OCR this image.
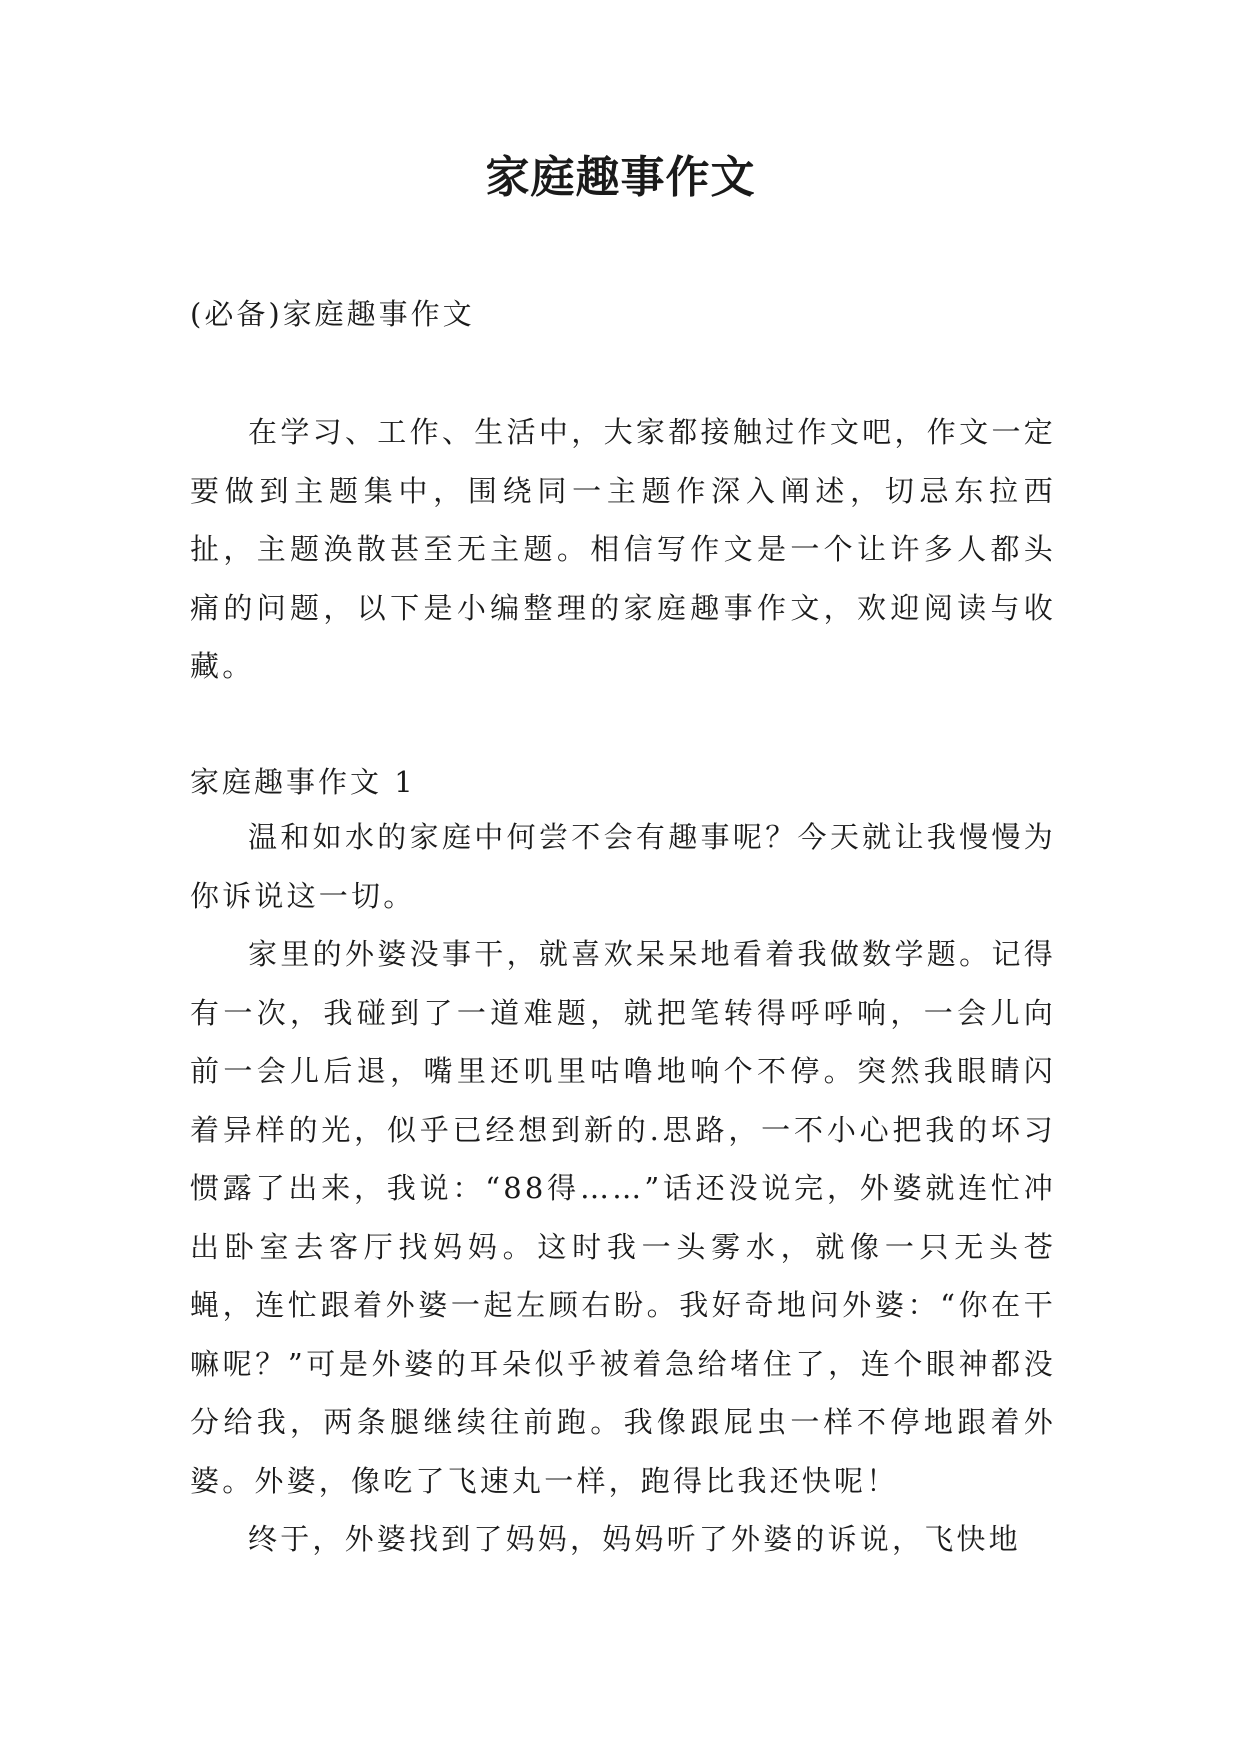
家庭趣事作文
(必备)家庭趣事作文

在学习、工作、生活中，大家都接触过作文吧，作文一定要做到主题集中，围绕同一主题作深入阐述，切忌东拉西扯，主题涣散甚至无主题。相信写作文是一个让许多人都头痛的问题，以下是小编整理的家庭趣事作文，欢迎阅读与收藏。

家庭趣事作文 1

温和如水的家庭中何尝不会有趣事呢？今天就让我慢慢为你诉说这一切。

家里的外婆没事干，就喜欢呆呆地看着我做数学题。记得有一次，我碰到了一道难题，就把笔转得呼呼响，一会儿向前一会儿后退，嘴里还叽里咕噜地响个不停。突然我眼睛闪着异样的光，似乎已经想到新的.思路，一不小心把我的坏习惯露了出来，我说：“88得……”话还没说完，外婆就连忙冲出卧室去客厅找妈妈。这时我一头雾水，就像一只无头苍蝇，连忙跟着外婆一起左顾右盼。我好奇地问外婆：“你在干嘛呢？”可是外婆的耳朵似乎被着急给堵住了，连个眼神都没分给我，两条腿继续往前跑。我像跟屁虫一样不停地跟着外婆。外婆，像吃了飞速丸一样，跑得比我还快呢！

终于，外婆找到了妈妈，妈妈听了外婆的诉说，飞快地
